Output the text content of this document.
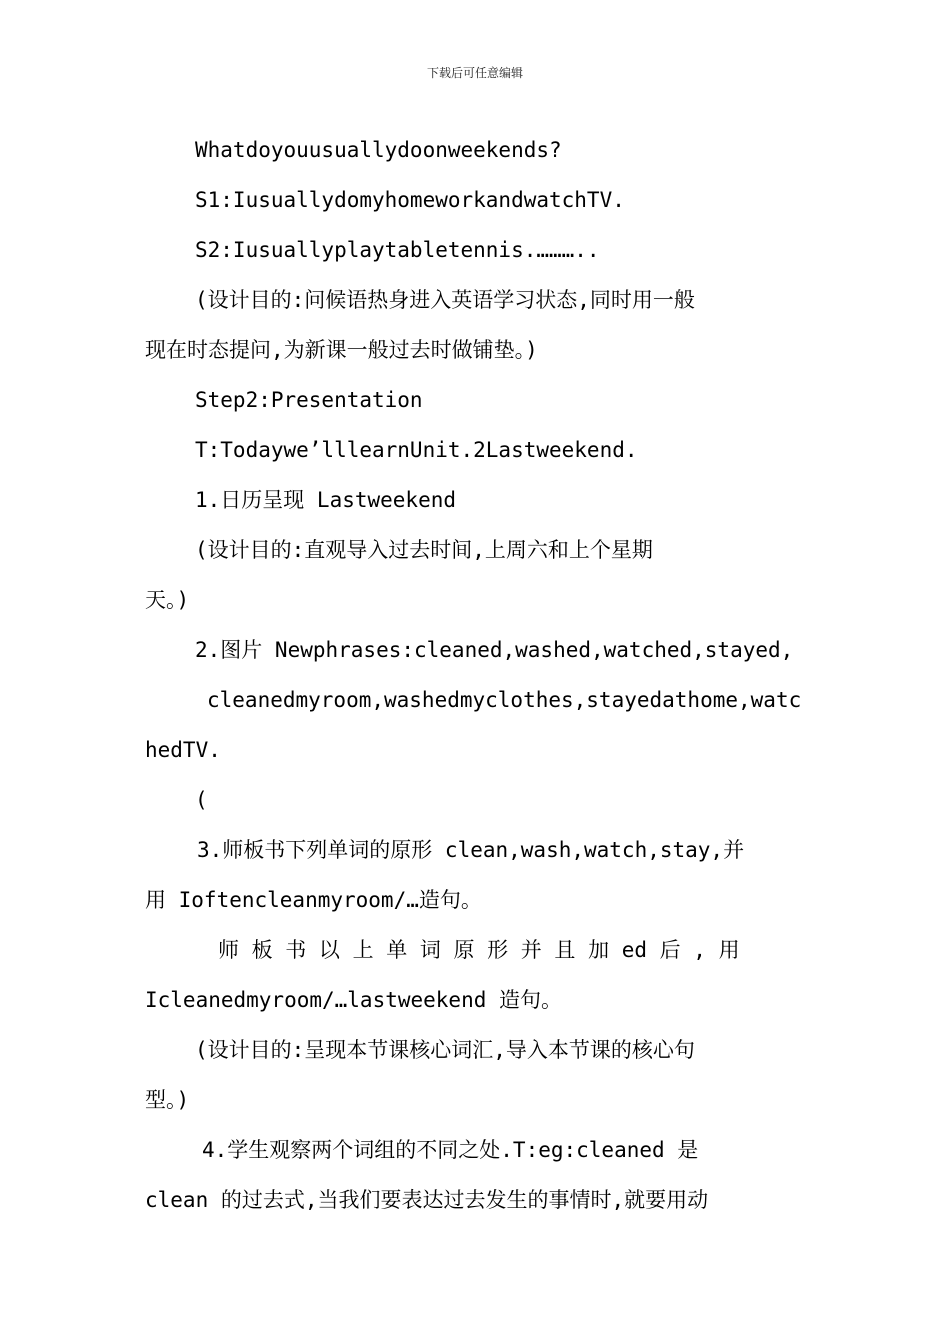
下载后可任意编辑
Whatdoyouusuallydoonweekends?
S1:IusuallydomyhomeworkandwatchTV.
S2:Iusuallyplaytabletennis.………..
(设计目的:问候语热身进入英语学习状态,同时用一般
现在时态提问,为新课一般过去时做铺垫。)
Step2:Presentation
T:Todaywe’lllearnUnit.2Lastweekend.
1.日历呈现 Lastweekend
(设计目的:直观导入过去时间,上周六和上个星期
天。)
2.图片 Newphrases:cleaned,washed,watched,stayed,
cleanedmyroom,washedmyclothes,stayedathome,watc
hedTV.
(
3.师板书下列单词的原形 clean,wash,watch,stay,并
用 Ioftencleanmyroom/…造句。
师 板 书 以 上 单 词 原 形 并 且 加 ed 后 , 用
Icleanedmyroom/…lastweekend 造句。
(设计目的:呈现本节课核心词汇,导入本节课的核心句
型。)
4.学生观察两个词组的不同之处.T:eg:cleaned 是
clean 的过去式,当我们要表达过去发生的事情时,就要用动
